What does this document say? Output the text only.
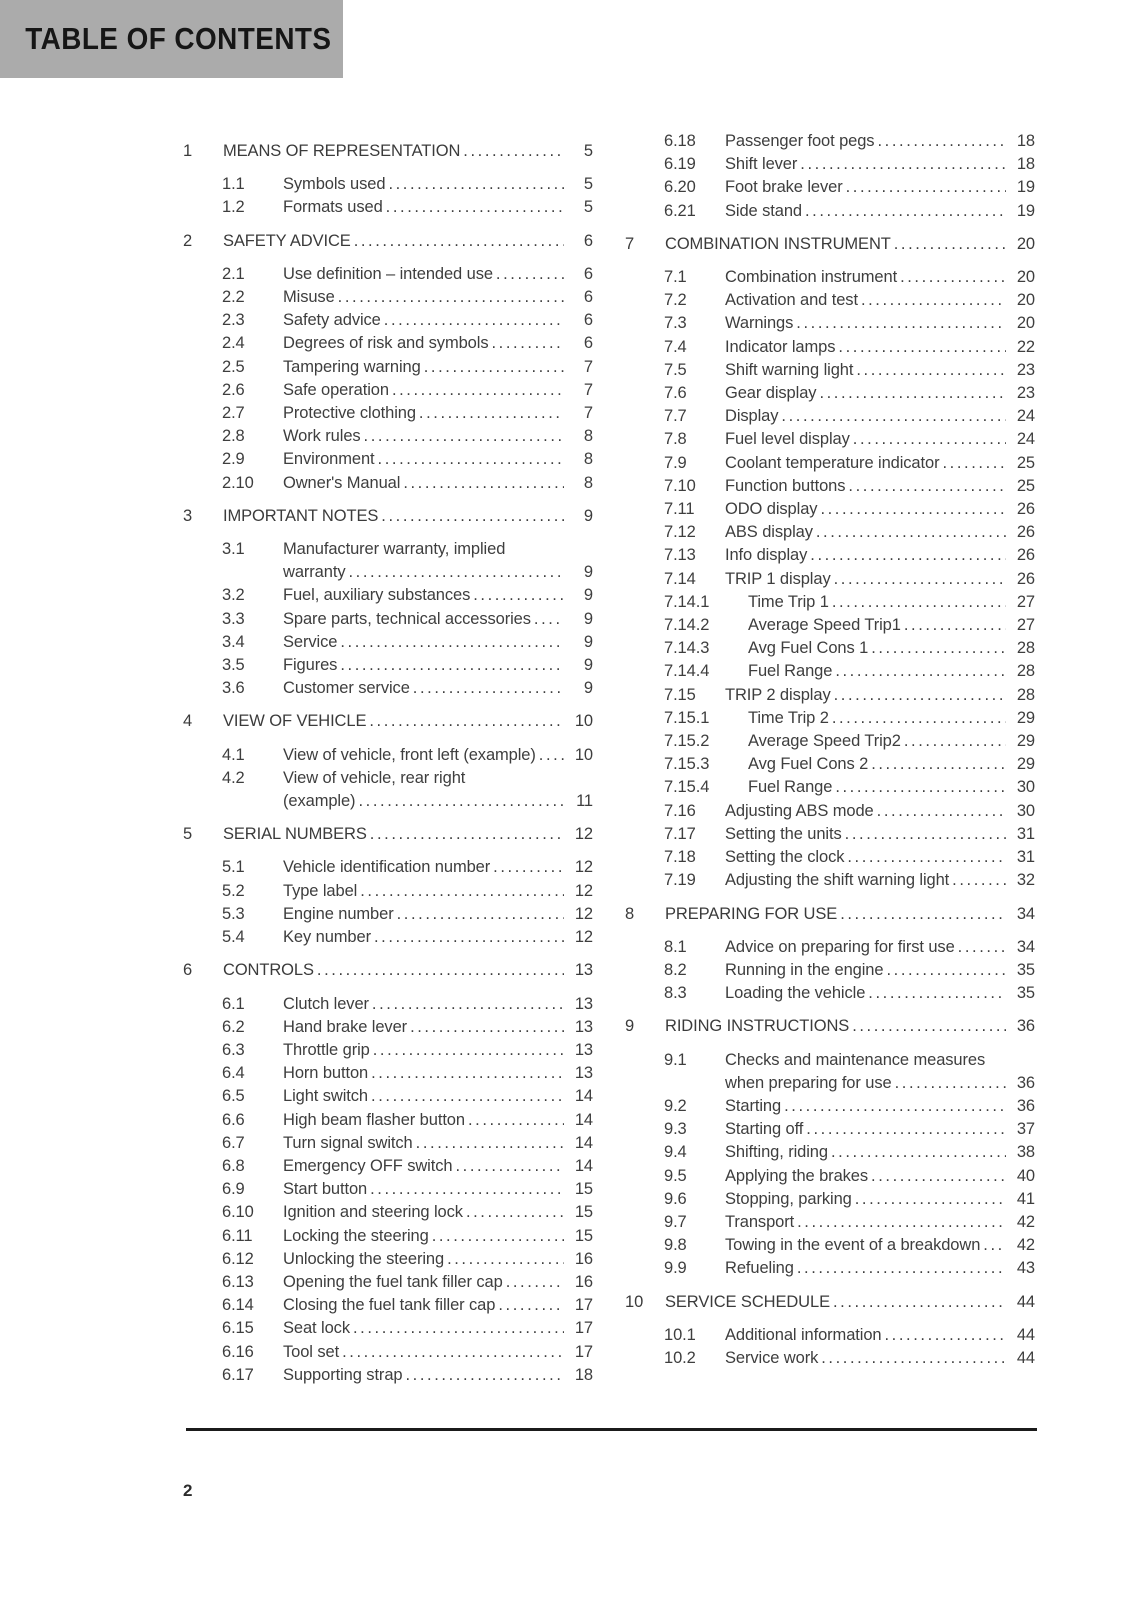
TABLE OF CONTENTS
1	MEANS OF REPRESENTATION .....	5
1.1	Symbols used .....	5
1.2	Formats used .....	5
2	SAFETY ADVICE .....	6
2.1	Use definition – intended use .....	6
2.2	Misuse .....	6
2.3	Safety advice .....	6
2.4	Degrees of risk and symbols .....	6
2.5	Tampering warning .....	7
2.6	Safe operation .....	7
2.7	Protective clothing .....	7
2.8	Work rules .....	8
2.9	Environment .....	8
2.10	Owner's Manual .....	8
3	IMPORTANT NOTES .....	9
3.1	Manufacturer warranty, implied
warranty .....	9
3.2	Fuel, auxiliary substances .....	9
3.3	Spare parts, technical accessories .....	9
3.4	Service .....	9
3.5	Figures .....	9
3.6	Customer service .....	9
4	VIEW OF VEHICLE .....	10
4.1	View of vehicle, front left (example) .....	10
4.2	View of vehicle, rear right
(example) .....	11
5	SERIAL NUMBERS .....	12
5.1	Vehicle identification number .....	12
5.2	Type label .....	12
5.3	Engine number .....	12
5.4	Key number .....	12
6	CONTROLS .....	13
6.1	Clutch lever .....	13
6.2	Hand brake lever .....	13
6.3	Throttle grip .....	13
6.4	Horn button .....	13
6.5	Light switch .....	14
6.6	High beam flasher button .....	14
6.7	Turn signal switch .....	14
6.8	Emergency OFF switch .....	14
6.9	Start button .....	15
6.10	Ignition and steering lock .....	15
6.11	Locking the steering .....	15
6.12	Unlocking the steering .....	16
6.13	Opening the fuel tank filler cap .....	16
6.14	Closing the fuel tank filler cap .....	17
6.15	Seat lock .....	17
6.16	Tool set .....	17
6.17	Supporting strap .....	18
6.18	Passenger foot pegs .....	18
6.19	Shift lever .....	18
6.20	Foot brake lever .....	19
6.21	Side stand .....	19
7	COMBINATION INSTRUMENT .....	20
7.1	Combination instrument .....	20
7.2	Activation and test .....	20
7.3	Warnings .....	20
7.4	Indicator lamps .....	22
7.5	Shift warning light .....	23
7.6	Gear display .....	23
7.7	Display .....	24
7.8	Fuel level display .....	24
7.9	Coolant temperature indicator .....	25
7.10	Function buttons .....	25
7.11	ODO display .....	26
7.12	ABS display .....	26
7.13	Info display .....	26
7.14	TRIP 1 display .....	26
7.14.1	Time Trip 1 .....	27
7.14.2	Average Speed Trip1 .....	27
7.14.3	Avg Fuel Cons 1 .....	28
7.14.4	Fuel Range .....	28
7.15	TRIP 2 display .....	28
7.15.1	Time Trip 2 .....	29
7.15.2	Average Speed Trip2 .....	29
7.15.3	Avg Fuel Cons 2 .....	29
7.15.4	Fuel Range .....	30
7.16	Adjusting ABS mode .....	30
7.17	Setting the units .....	31
7.18	Setting the clock .....	31
7.19	Adjusting the shift warning light .....	32
8	PREPARING FOR USE .....	34
8.1	Advice on preparing for first use .....	34
8.2	Running in the engine .....	35
8.3	Loading the vehicle .....	35
9	RIDING INSTRUCTIONS .....	36
9.1	Checks and maintenance measures
when preparing for use .....	36
9.2	Starting .....	36
9.3	Starting off .....	37
9.4	Shifting, riding .....	38
9.5	Applying the brakes .....	40
9.6	Stopping, parking .....	41
9.7	Transport .....	42
9.8	Towing in the event of a breakdown .....	42
9.9	Refueling .....	43
10	SERVICE SCHEDULE .....	44
10.1	Additional information .....	44
10.2	Service work .....	44
2
